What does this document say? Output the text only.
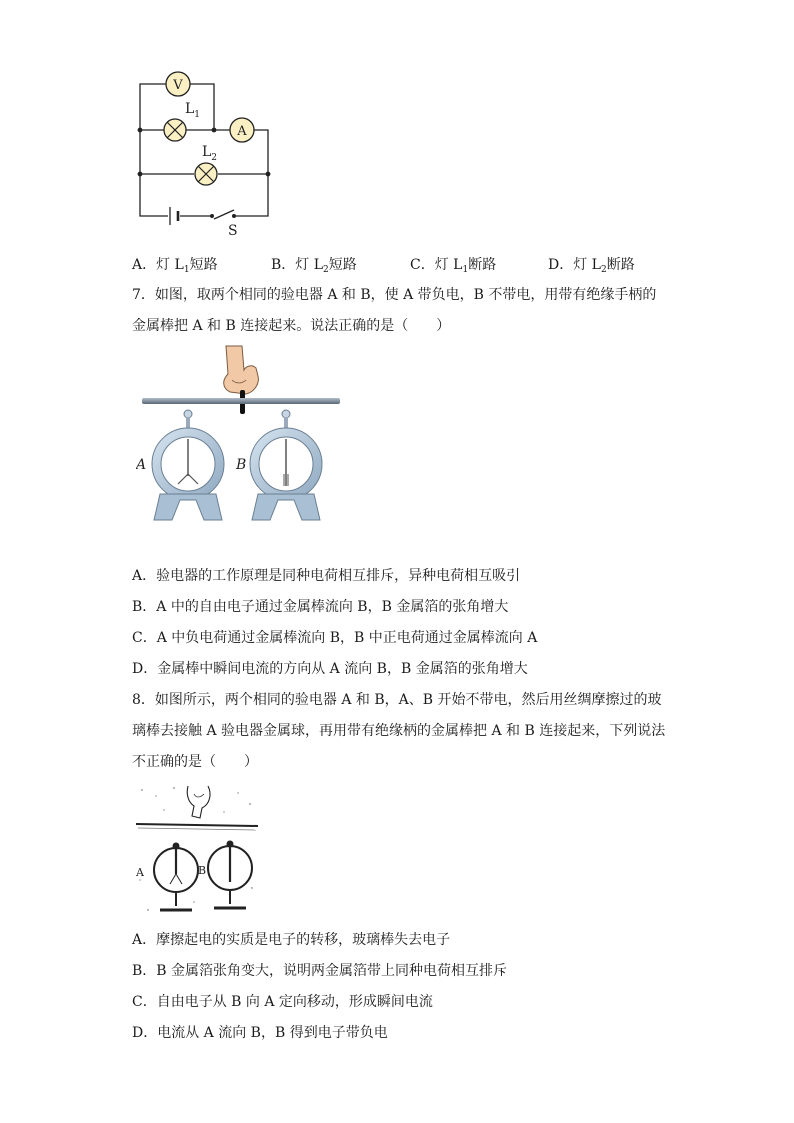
V
$L_1$
A
$L_2$
S
A．灯 $L_1$短路	B．灯 $L_2$短路	C．灯 $L_1$断路	D．灯 $L_2$断路
7．如图，取两个相同的验电器 A 和 B，使 A 带负电，B 不带电，用带有绝缘手柄的
金属棒把 A 和 B 连接起来。说法正确的是（　　）
A	B
A．验电器的工作原理是同种电荷相互排斥，异种电荷相互吸引
B．A 中的自由电子通过金属棒流向 B，B 金属箔的张角增大
C．A 中负电荷通过金属棒流向 B，B 中正电荷通过金属棒流向 A
D．金属棒中瞬间电流的方向从 A 流向 B，B 金属箔的张角增大
8．如图所示，两个相同的验电器 A 和 B，A、B 开始不带电，然后用丝绸摩擦过的玻
璃棒去接触 A 验电器金属球，再用带有绝缘柄的金属棒把 A 和 B 连接起来，下列说法
不正确的是（　　）
A	B
A．摩擦起电的实质是电子的转移，玻璃棒失去电子
B．B 金属箔张角变大，说明两金属箔带上同种电荷相互排斥
C．自由电子从 B 向 A 定向移动，形成瞬间电流
D．电流从 A 流向 B，B 得到电子带负电
